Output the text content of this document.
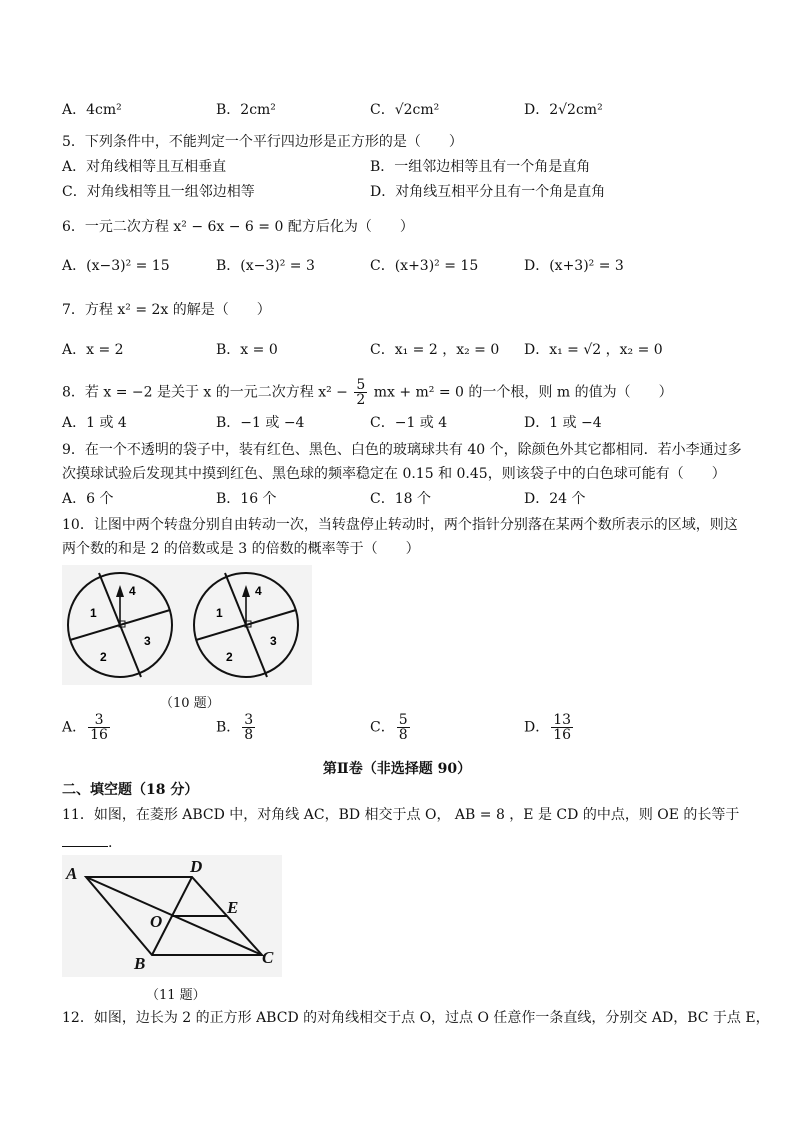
A．4cm²	B．2cm²	C．√2cm²	D．2√2cm²
5．下列条件中，不能判定一个平行四边形是正方形的是（　　）
A．对角线相等且互相垂直	B．一组邻边相等且有一个角是直角
C．对角线相等且一组邻边相等	D．对角线互相平分且有一个角是直角
6．一元二次方程 x² − 6x − 6 = 0 配方后化为（　　）
A．(x−3)² = 15	B．(x−3)² = 3	C．(x+3)² = 15	D．(x+3)² = 3
7．方程 x² = 2x 的解是（　　）
A．x = 2	B．x = 0	C．x₁ = 2 ，x₂ = 0 D．x₁ = √2 ，x₂ = 0
8．若 x = −2 是关于 x 的一元二次方程 $x^2 - \frac{5}{2}$ mx + m² = 0 的一个根，则 m 的值为（　　）
A．1 或 4	B．−1 或 −4	C．−1 或 4	D．1 或 −4
9．在一个不透明的袋子中，装有红色、黑色、白色的玻璃球共有 40 个，除颜色外其它都相同．若小李通过多
次摸球试验后发现其中摸到红色、黑色球的频率稳定在 0.15 和 0.45，则该袋子中的白色球可能有（　　）
A．6 个	B．16 个	C．18 个	D．24 个
10．让图中两个转盘分别自由转动一次，当转盘停止转动时，两个指针分别落在某两个数所表示的区域，则这
两个数的和是 2 的倍数或是 3 的倍数的概率等于（　　）
1
2
3
4
1
2
3
4
（10 题）
A． $\frac{3}{16}$	B． $\frac{3}{8}$	C． $\frac{5}{8}$	D． $\frac{13}{16}$
第Ⅱ卷（非选择题 90）
二、填空题（18 分）
11．如图，在菱形 ABCD 中，对角线 AC，BD 相交于点 O， AB = 8 ，E 是 CD 的中点，则 OE 的长等于
.
A	D
O
E
B	C
（11 题）
12．如图，边长为 2 的正方形 ABCD 的对角线相交于点 O，过点 O 任意作一条直线，分别交 AD，BC 于点 E，
